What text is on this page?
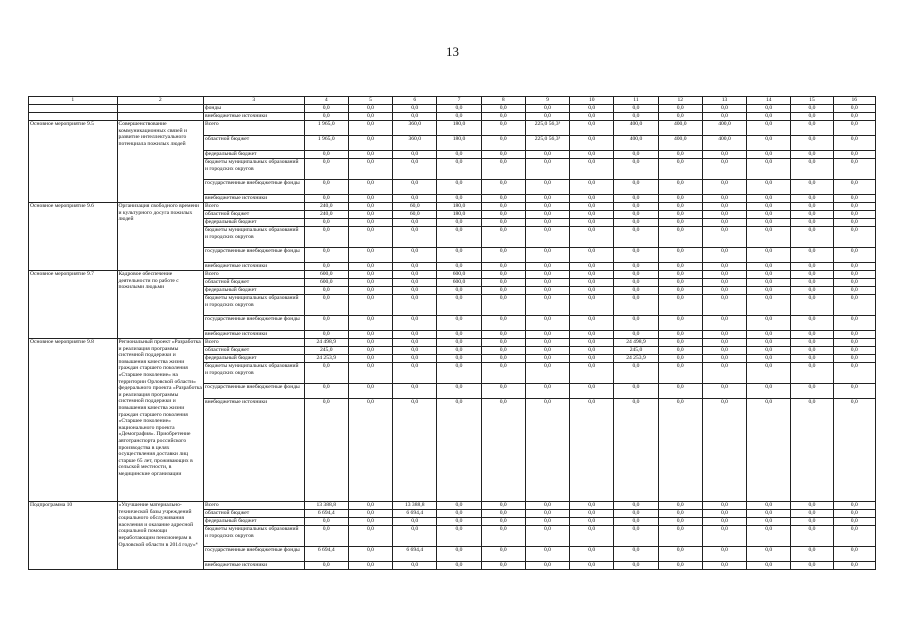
13
1	2	3	4	5	6	7	8	9	10	11	12	13	14	15	16
		фонды	0,0	0,0	0,0	0,0	0,0	0,0	0,0	0,0	0,0	0,0	0,0	0,0	0,0
		внебюджетные источники	0,0	0,0	0,0	0,0	0,0	0,0	0,0	0,0	0,0	0,0	0,0	0,0	0,0
Основное мероприятие 9.5	Совершенствование коммуникационных связей и развитие интеллектуального потенциала пожилых людей	Всего	1 965,0	0,0	360,0	180,0	0,0	225,0 56,3³	0,0	400,0	400,0	400,0	0,0	0,0	0,0
		областной бюджет	1 965,0	0,0	360,0	180,0	0,0	225,0 56,3³	0,0	400,0	400,0	400,0	0,0	0,0	0,0
		федеральный бюджет	0,0	0,0	0,0	0,0	0,0	0,0	0,0	0,0	0,0	0,0	0,0	0,0	0,0
		бюджеты муниципальных образований и городских округов	0,0	0,0	0,0	0,0	0,0	0,0	0,0	0,0	0,0	0,0	0,0	0,0	0,0
		государственные внебюджетные фонды	0,0	0,0	0,0	0,0	0,0	0,0	0,0	0,0	0,0	0,0	0,0	0,0	0,0
		внебюджетные источники	0,0	0,0	0,0	0,0	0,0	0,0	0,0	0,0	0,0	0,0	0,0	0,0	0,0
Основное мероприятие 9.6	Организация свободного времени и культурного досуга пожилых людей	Всего	240,0	0,0	60,0	180,0	0,0	0,0	0,0	0,0	0,0	0,0	0,0	0,0	0,0
		областной бюджет	240,0	0,0	60,0	180,0	0,0	0,0	0,0	0,0	0,0	0,0	0,0	0,0	0,0
		федеральный бюджет	0,0	0,0	0,0	0,0	0,0	0,0	0,0	0,0	0,0	0,0	0,0	0,0	0,0
		бюджеты муниципальных образований и городских округов	0,0	0,0	0,0	0,0	0,0	0,0	0,0	0,0	0,0	0,0	0,0	0,0	0,0
		государственные внебюджетные фонды	0,0	0,0	0,0	0,0	0,0	0,0	0,0	0,0	0,0	0,0	0,0	0,0	0,0
		внебюджетные источники	0,0	0,0	0,0	0,0	0,0	0,0	0,0	0,0	0,0	0,0	0,0	0,0	0,0
Основное мероприятие 9.7	Кадровое обеспечение деятельности по работе с пожилыми людьми	Всего	600,0	0,0	0,0	600,0	0,0	0,0	0,0	0,0	0,0	0,0	0,0	0,0	0,0
		областной бюджет	600,0	0,0	0,0	600,0	0,0	0,0	0,0	0,0	0,0	0,0	0,0	0,0	0,0
		федеральный бюджет	0,0	0,0	0,0	0,0	0,0	0,0	0,0	0,0	0,0	0,0	0,0	0,0	0,0
		бюджеты муниципальных образований и городских округов	0,0	0,0	0,0	0,0	0,0	0,0	0,0	0,0	0,0	0,0	0,0	0,0	0,0
		государственные внебюджетные фонды	0,0	0,0	0,0	0,0	0,0	0,0	0,0	0,0	0,0	0,0	0,0	0,0	0,0
		внебюджетные источники	0,0	0,0	0,0	0,0	0,0	0,0	0,0	0,0	0,0	0,0	0,0	0,0	0,0
Основное мероприятие 9.8	Региональный проект «Разработка и реализация программы системной поддержки и повышения качества жизни граждан старшего поколения «Старшее поколение» на территории Орловской области» федерального проекта «Разработка и реализация программы системной поддержки и повышения качества жизни граждан старшего поколения «Старшее поколение» национального проекта «Демография». Приобретение автотранспорта российского производства в целях осуществления доставки лиц старше 65 лет, проживающих в сельской местности, в медицинские организации	Всего	24 498,9	0,0	0,0	0,0	0,0	0,0	0,0	24 498,9	0,0	0,0	0,0	0,0	0,0
		областной бюджет	245,0	0,0	0,0	0,0	0,0	0,0	0,0	245,0	0,0	0,0	0,0	0,0	0,0
		федеральный бюджет	24 253,9	0,0	0,0	0,0	0,0	0,0	0,0	24 253,9	0,0	0,0	0,0	0,0	0,0
		бюджеты муниципальных образований и городских округов	0,0	0,0	0,0	0,0	0,0	0,0	0,0	0,0	0,0	0,0	0,0	0,0	0,0
		государственные внебюджетные фонды	0,0	0,0	0,0	0,0	0,0	0,0	0,0	0,0	0,0	0,0	0,0	0,0	0,0
		внебюджетные источники	0,0	0,0	0,0	0,0	0,0	0,0	0,0	0,0	0,0	0,0	0,0	0,0	0,0
Подпрограмма 10	«Улучшение материально-технической базы учреждений социального обслуживания населения и оказание адресной социальной помощи неработающим пенсионерам в Орловской области в 2014 году»⁴	Всего	13 388,8	0,0	13 388,8	0,0	0,0	0,0	0,0	0,0	0,0	0,0	0,0	0,0	0,0
		областной бюджет	6 694,4	0,0	6 694,4	0,0	0,0	0,0	0,0	0,0	0,0	0,0	0,0	0,0	0,0
		федеральный бюджет	0,0	0,0	0,0	0,0	0,0	0,0	0,0	0,0	0,0	0,0	0,0	0,0	0,0
		бюджеты муниципальных образований и городских округов	0,0	0,0	0,0	0,0	0,0	0,0	0,0	0,0	0,0	0,0	0,0	0,0	0,0
		государственные внебюджетные фонды	6 694,4	0,0	6 694,4	0,0	0,0	0,0	0,0	0,0	0,0	0,0	0,0	0,0	0,0
		внебюджетные источники	0,0	0,0	0,0	0,0	0,0	0,0	0,0	0,0	0,0	0,0	0,0	0,0	0,0
